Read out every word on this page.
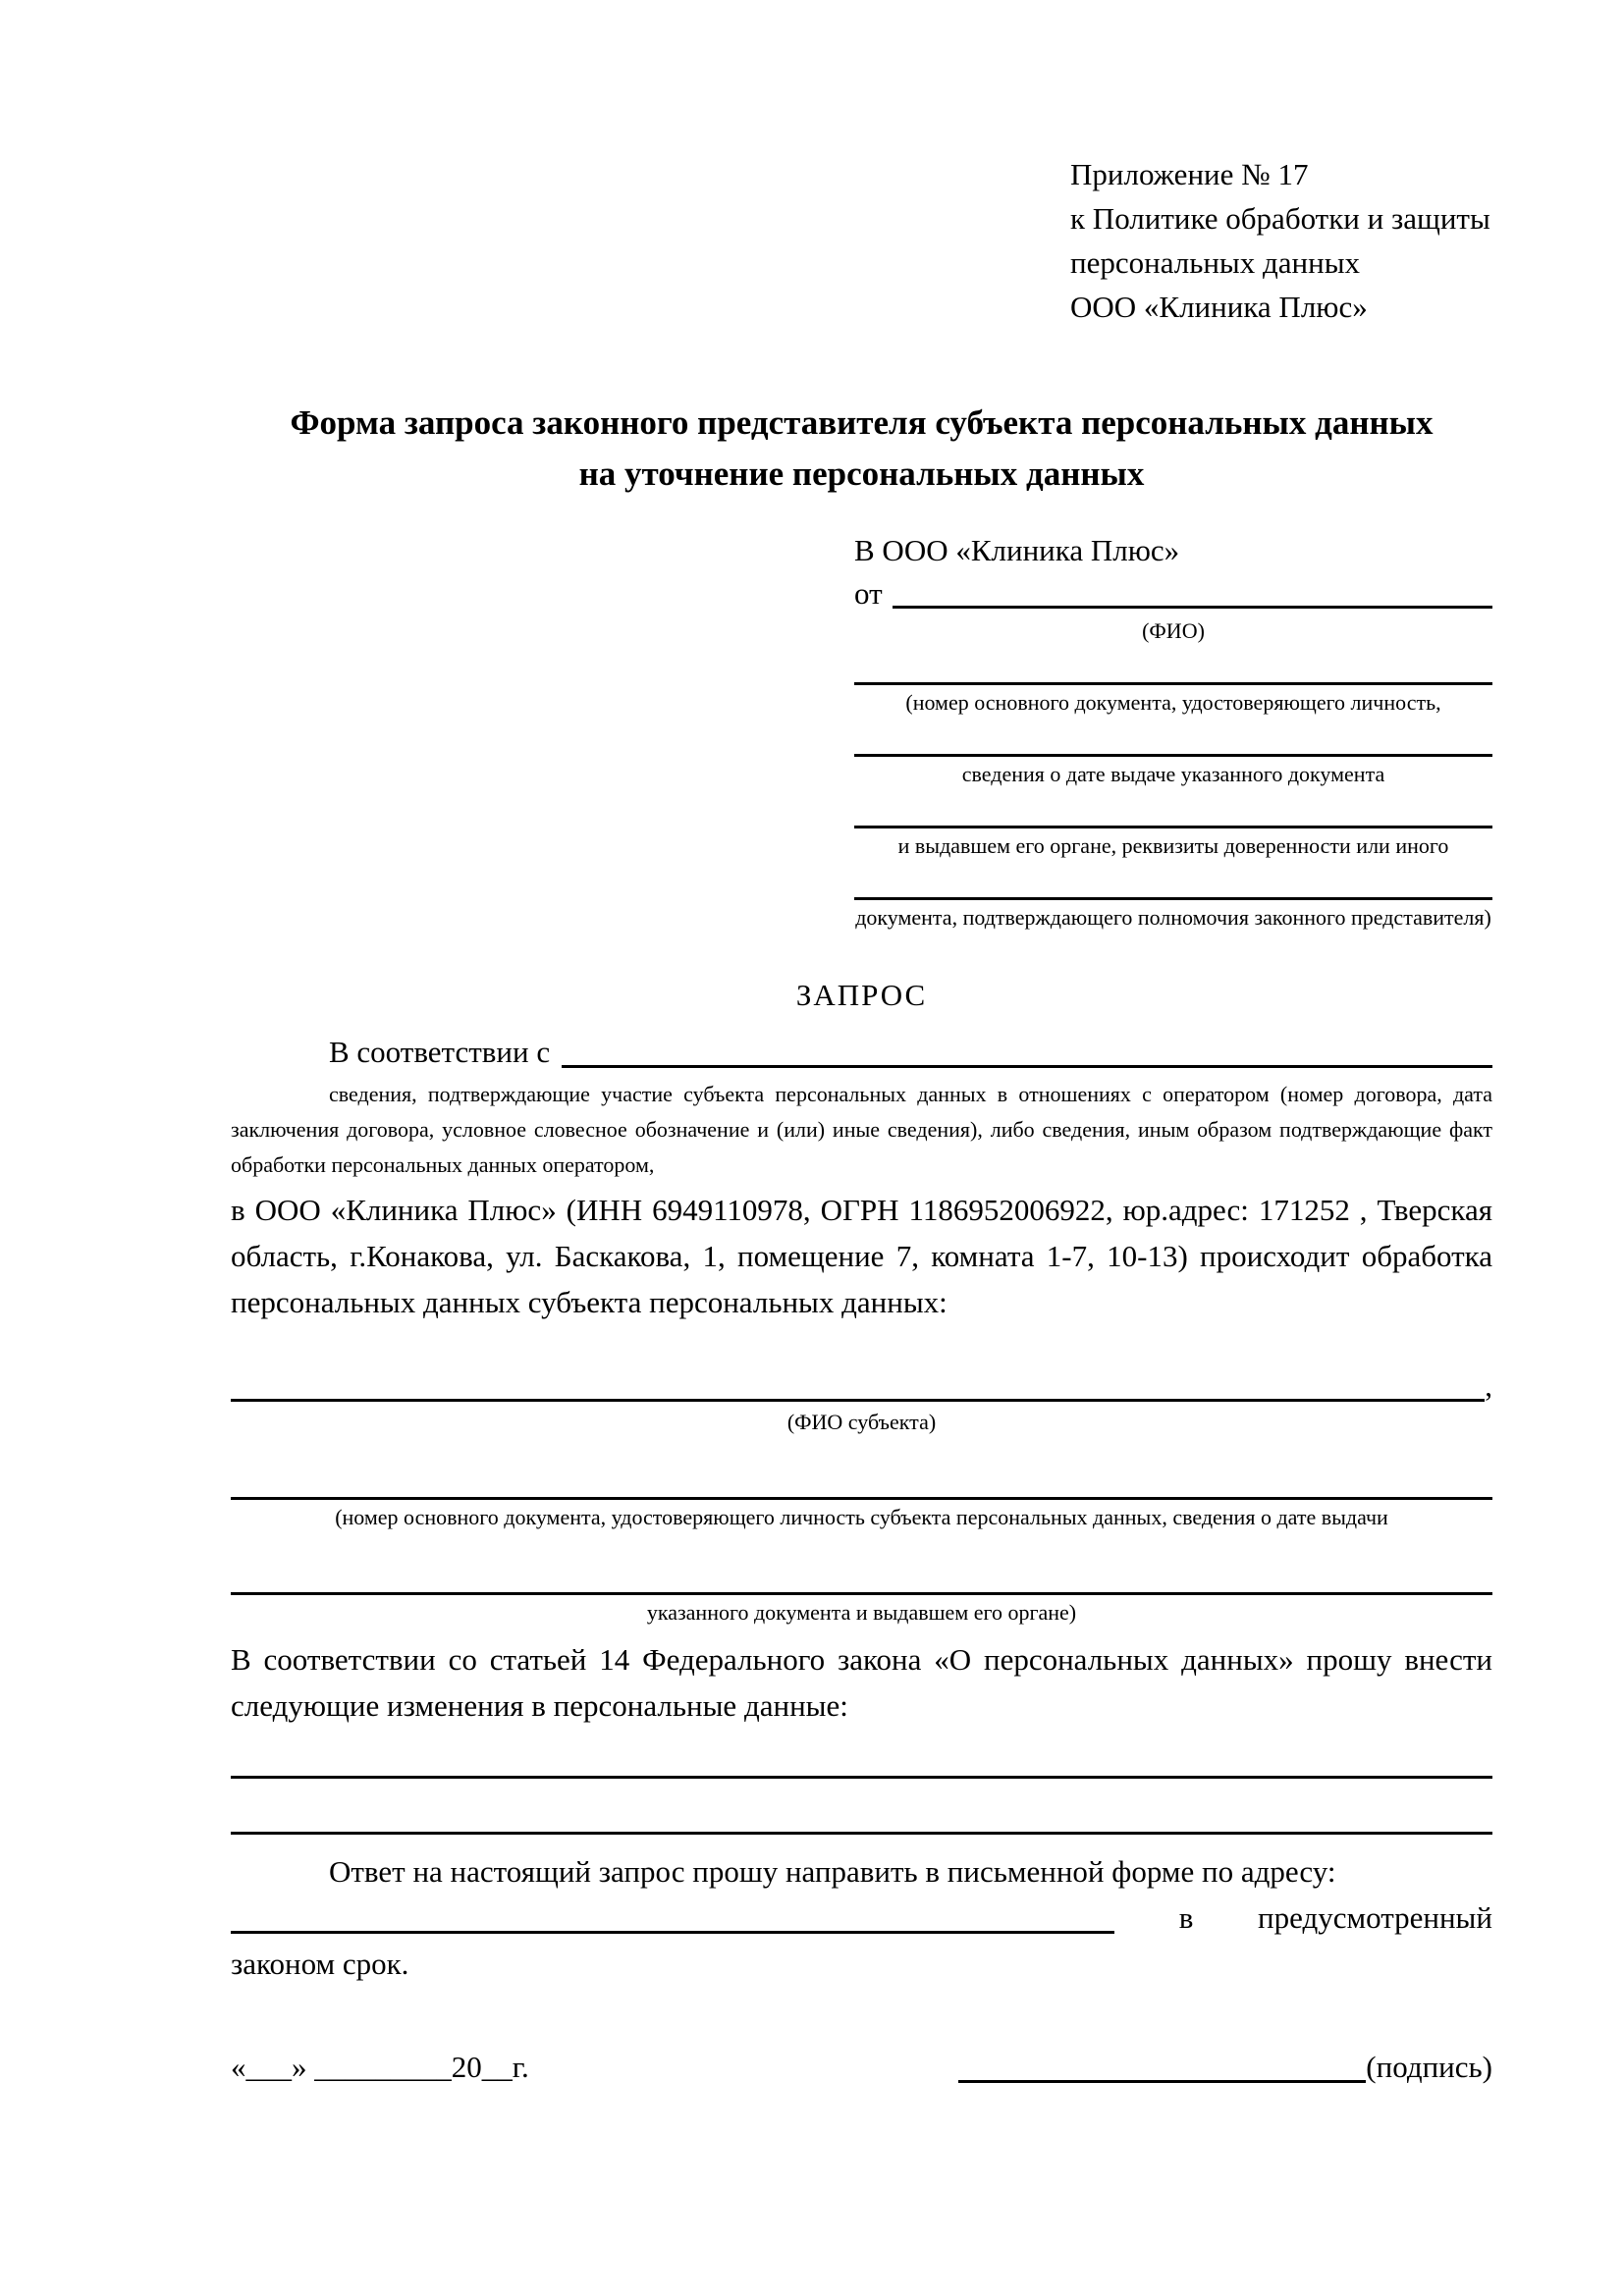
Приложение № 17
к Политике обработки и защиты
персональных данных
ООО «Клиника Плюс»
Форма запроса законного представителя субъекта персональных данных
на уточнение персональных данных
В ООО «Клиника Плюс»
от
(ФИО)
(номер основного документа, удостоверяющего личность,
сведения о дате выдаче указанного документа
и выдавшем его органе, реквизиты доверенности или иного
документа, подтверждающего полномочия законного представителя)
ЗАПРОС
В соответствии с
сведения, подтверждающие участие субъекта персональных данных в отношениях с оператором (номер договора, дата заключения договора, условное словесное обозначение и (или) иные сведения), либо сведения, иным образом подтверждающие факт обработки персональных данных оператором,
в ООО «Клиника Плюс» (ИНН 6949110978, ОГРН 1186952006922, юр.адрес: 171252 , Тверская область, г.Конакова, ул. Баскакова, 1, помещение 7, комната 1-7, 10-13) происходит обработка персональных данных субъекта персональных данных:
,
(ФИО субъекта)
(номер основного документа, удостоверяющего личность субъекта персональных данных, сведения о дате выдачи
указанного документа и выдавшем его органе)
В соответствии со статьей 14 Федерального закона «О персональных данных» прошу внести следующие изменения в персональные данные:
Ответ на настоящий запрос прошу направить в письменной форме по адресу:
в предусмотренный
законом срок.
«___» _________20__г.	(подпись)
